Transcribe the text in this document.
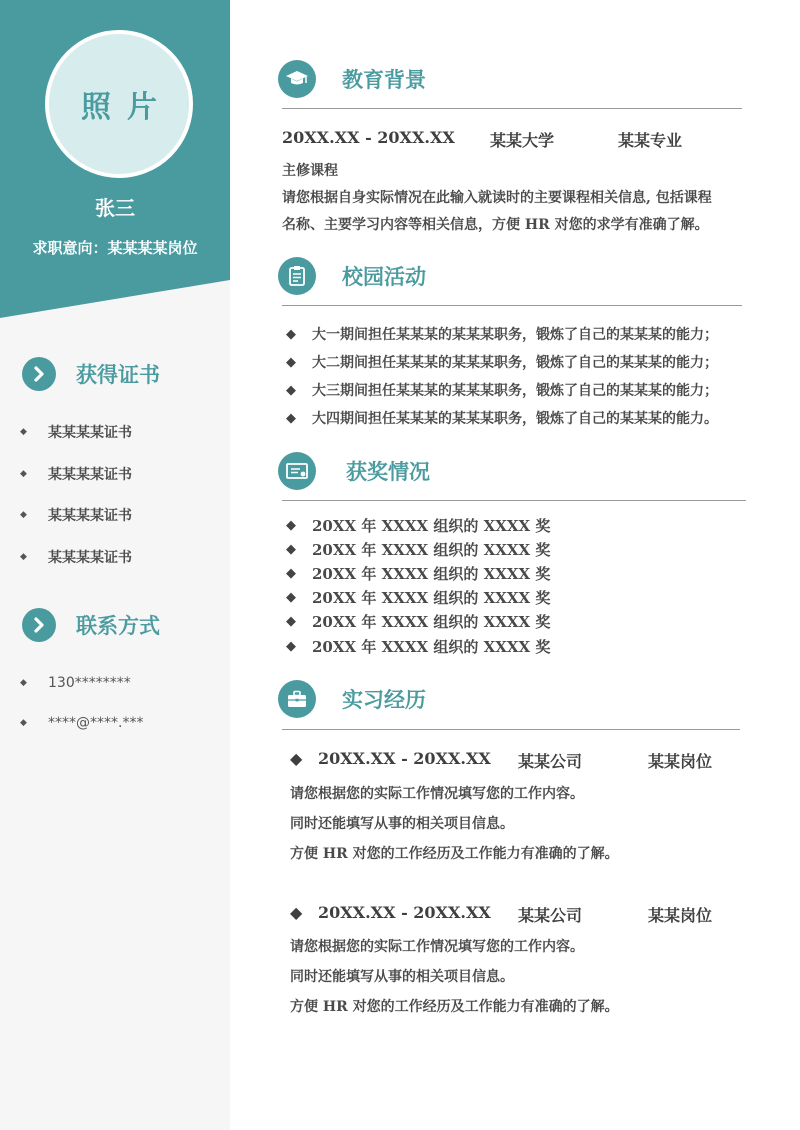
照片
张三
求职意向：某某某某岗位
获得证书
◆ 某某某某证书
◆ 某某某某证书
◆ 某某某某证书
◆ 某某某某证书
联系方式
◆ 130********
◆ ****@****.***
教育背景
20XX.XX - 20XX.XX 某某大学	某某专业
主修课程
请您根据自身实际情况在此输入就读时的主要课程相关信息, 包括课程
名称、主要学习内容等相关信息，方便 HR 对您的求学有准确了解。
校园活动
◆ 大一期间担任某某某的某某某职务，锻炼了自己的某某某的能力；
◆ 大二期间担任某某某的某某某职务，锻炼了自己的某某某的能力；
◆ 大三期间担任某某某的某某某职务，锻炼了自己的某某某的能力；
◆ 大四期间担任某某某的某某某职务，锻炼了自己的某某某的能力。
获奖情况
◆ 20XX 年 XXXX 组织的 XXXX 奖
◆ 20XX 年 XXXX 组织的 XXXX 奖
◆ 20XX 年 XXXX 组织的 XXXX 奖
◆ 20XX 年 XXXX 组织的 XXXX 奖
◆ 20XX 年 XXXX 组织的 XXXX 奖
◆ 20XX 年 XXXX 组织的 XXXX 奖
实习经历
◆ 20XX.XX - 20XX.XX 某某公司	某某岗位
请您根据您的实际工作情况填写您的工作内容。
同时还能填写从事的相关项目信息。
方便 HR 对您的工作经历及工作能力有准确的了解。
◆ 20XX.XX - 20XX.XX 某某公司	某某岗位
请您根据您的实际工作情况填写您的工作内容。
同时还能填写从事的相关项目信息。
方便 HR 对您的工作经历及工作能力有准确的了解。
